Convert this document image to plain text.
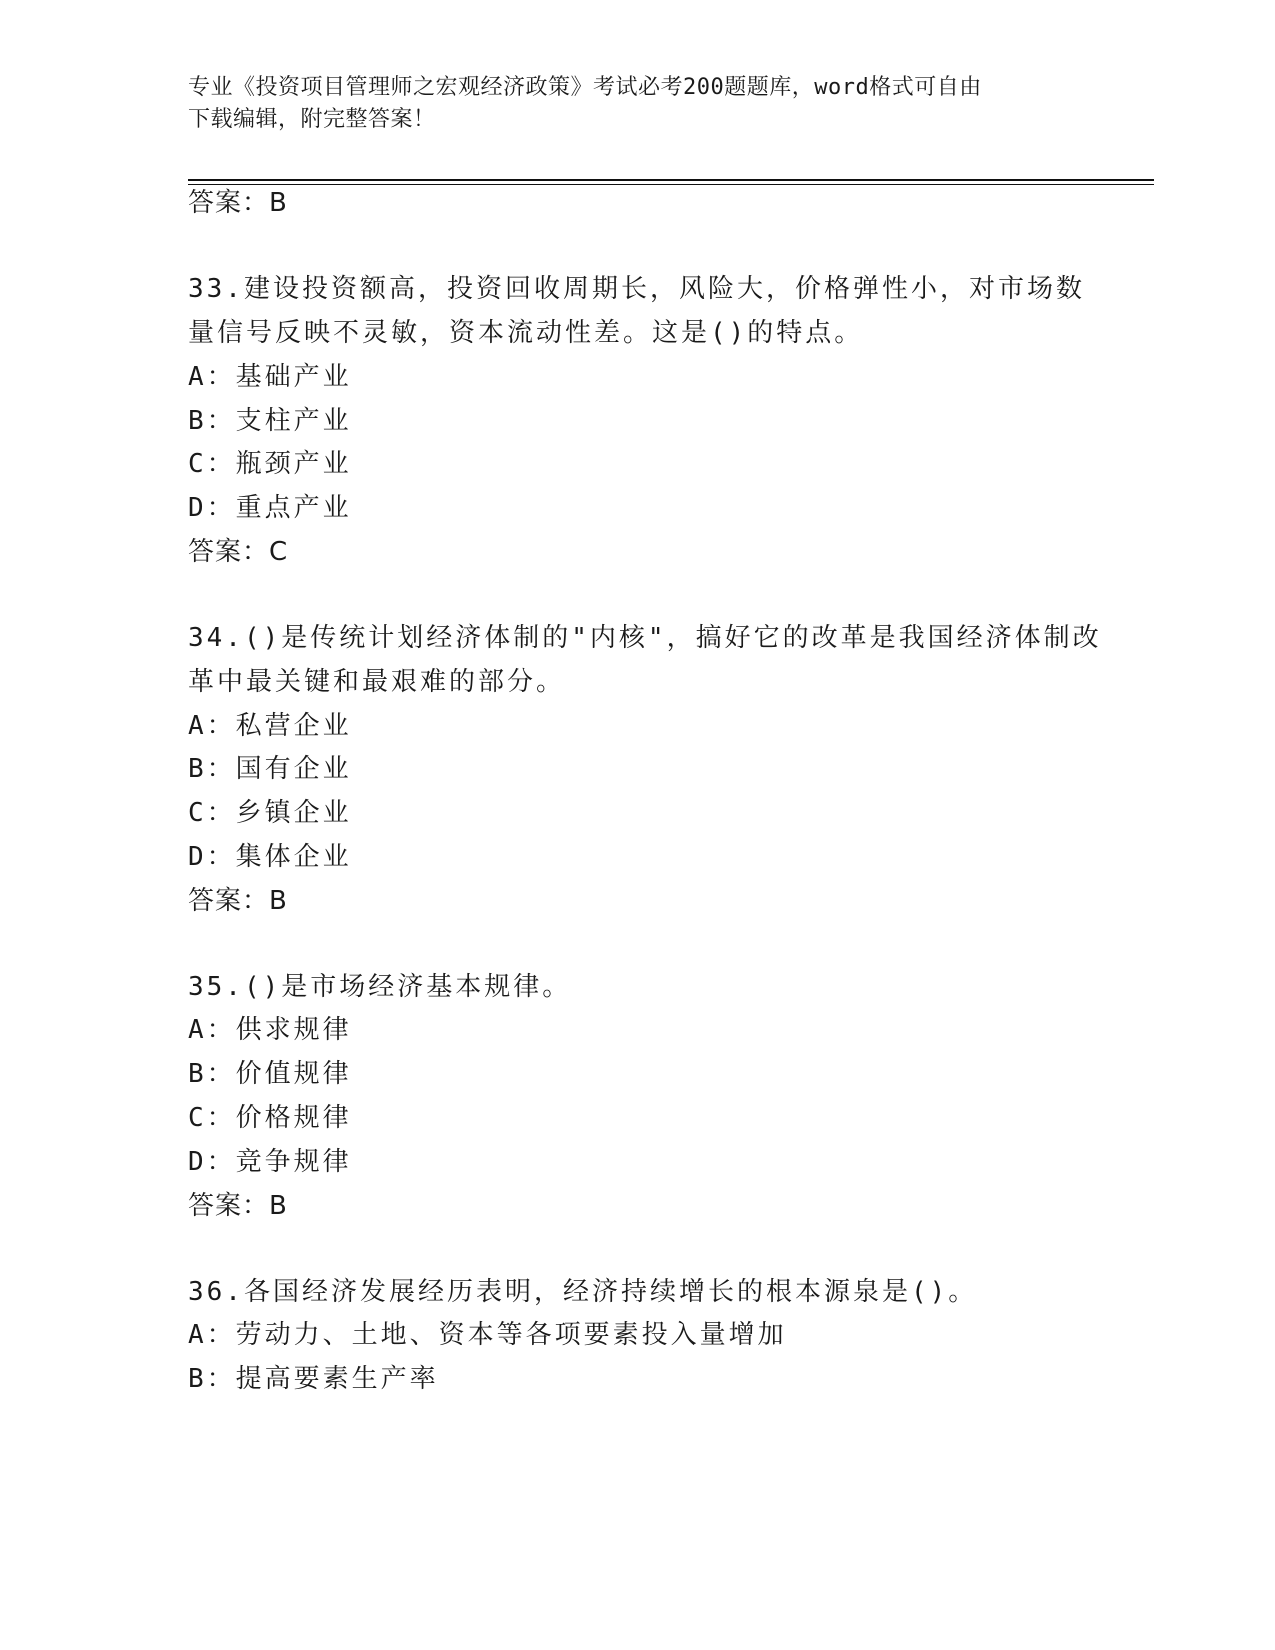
专业《投资项目管理师之宏观经济政策》考试必考200题题库，word格式可自由
下载编辑，附完整答案！
答案：B
33.建设投资额高，投资回收周期长，风险大，价格弹性小，对市场数
量信号反映不灵敏，资本流动性差。这是()的特点。
A：基础产业
B：支柱产业
C：瓶颈产业
D：重点产业
答案：C
34.()是传统计划经济体制的"内核"，搞好它的改革是我国经济体制改
革中最关键和最艰难的部分。
A：私营企业
B：国有企业
C：乡镇企业
D：集体企业
答案：B
35.()是市场经济基本规律。
A：供求规律
B：价值规律
C：价格规律
D：竞争规律
答案：B
36.各国经济发展经历表明，经济持续增长的根本源泉是()。
A：劳动力、土地、资本等各项要素投入量增加
B：提高要素生产率
